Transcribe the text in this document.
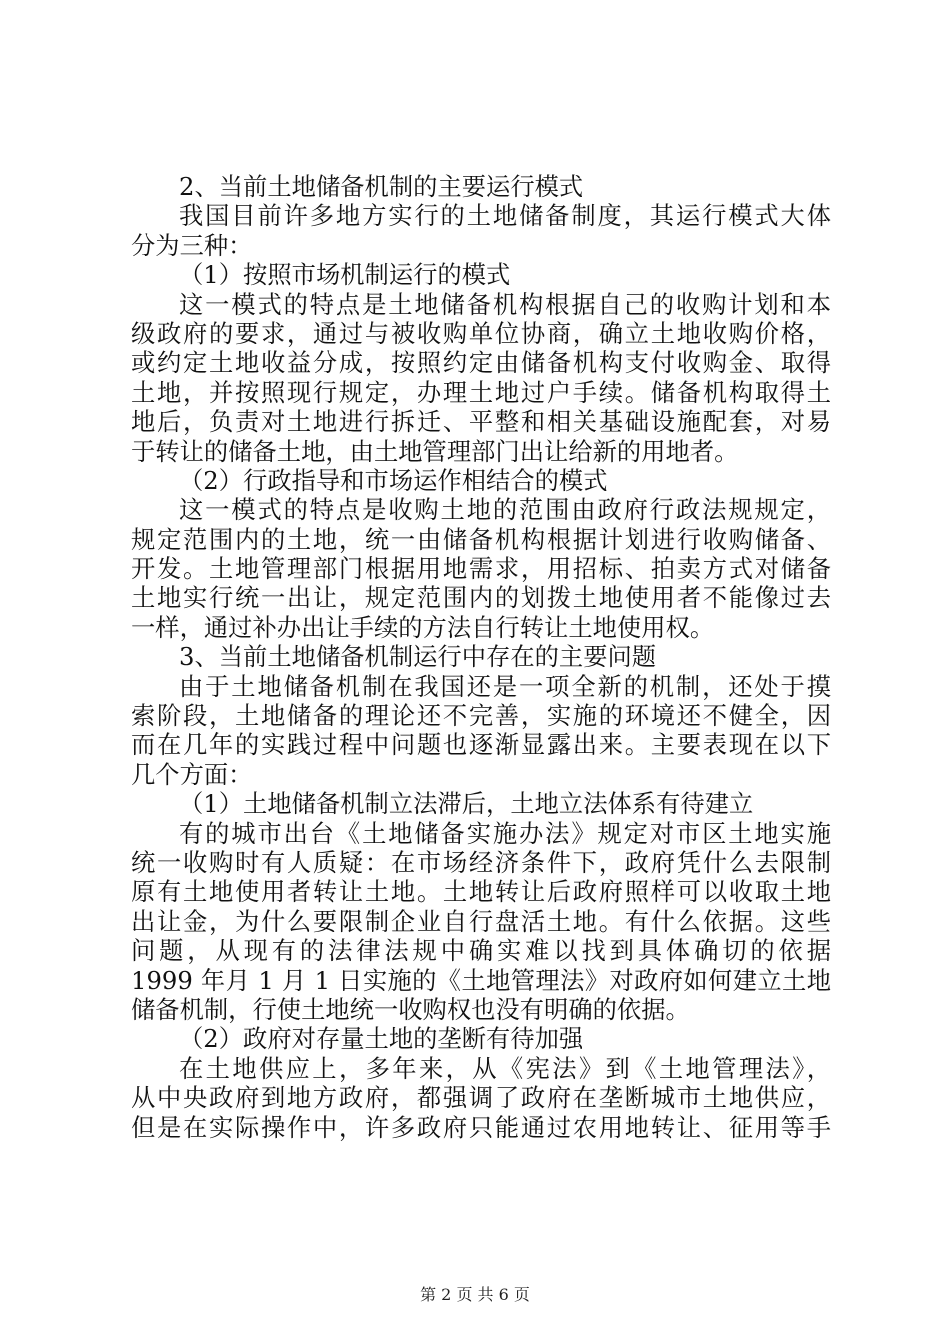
2、当前土地储备机制的主要运行模式
我国目前许多地方实行的土地储备制度，其运行模式大体
分为三种：
（1）按照市场机制运行的模式
这一模式的特点是土地储备机构根据自己的收购计划和本
级政府的要求，通过与被收购单位协商，确立土地收购价格，
或约定土地收益分成，按照约定由储备机构支付收购金、取得
土地，并按照现行规定，办理土地过户手续。储备机构取得土
地后，负责对土地进行拆迁、平整和相关基础设施配套，对易
于转让的储备土地，由土地管理部门出让给新的用地者。
（2）行政指导和市场运作相结合的模式
这一模式的特点是收购土地的范围由政府行政法规规定，
规定范围内的土地，统一由储备机构根据计划进行收购储备、
开发。土地管理部门根据用地需求，用招标、拍卖方式对储备
土地实行统一出让，规定范围内的划拨土地使用者不能像过去
一样，通过补办出让手续的方法自行转让土地使用权。
3、当前土地储备机制运行中存在的主要问题
由于土地储备机制在我国还是一项全新的机制，还处于摸
索阶段，土地储备的理论还不完善，实施的环境还不健全，因
而在几年的实践过程中问题也逐渐显露出来。主要表现在以下
几个方面：
（1）土地储备机制立法滞后，土地立法体系有待建立
有的城市出台《土地储备实施办法》规定对市区土地实施
统一收购时有人质疑：在市场经济条件下，政府凭什么去限制
原有土地使用者转让土地。土地转让后政府照样可以收取土地
出让金，为什么要限制企业自行盘活土地。有什么依据。这些
问题，从现有的法律法规中确实难以找到具体确切的依据
1999 年月 1 月 1 日实施的《土地管理法》对政府如何建立土地
储备机制，行使土地统一收购权也没有明确的依据。
（2）政府对存量土地的垄断有待加强
在土地供应上，多年来，从《宪法》到《土地管理法》，
从中央政府到地方政府，都强调了政府在垄断城市土地供应，
但是在实际操作中，许多政府只能通过农用地转让、征用等手
第 2 页 共 6 页
